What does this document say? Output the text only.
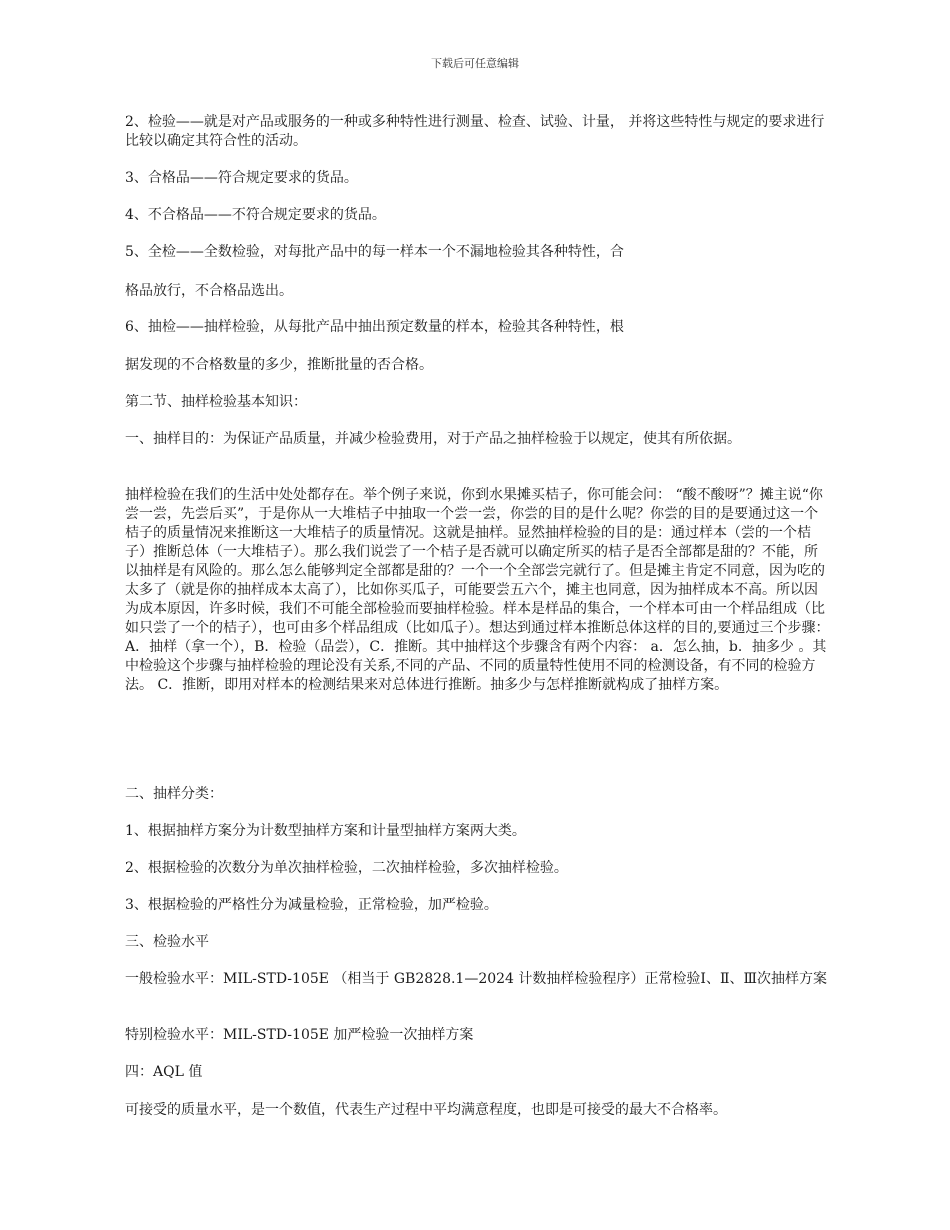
下载后可任意编辑

2、检验——就是对产品或服务的一种或多种特性进行测量、检查、试验、计量， 并将这些特性与规定的要求进行比较以确定其符合性的活动。

3、合格品——符合规定要求的货品。

4、不合格品——不符合规定要求的货品。

5、全检——全数检验，对每批产品中的每一样本一个不漏地检验其各种特性，合

格品放行，不合格品选出。

6、抽检——抽样检验，从每批产品中抽出预定数量的样本，检验其各种特性，根

据发现的不合格数量的多少，推断批量的否合格。

第二节、抽样检验基本知识：

一、抽样目的：为保证产品质量，并减少检验费用，对于产品之抽样检验于以规定，使其有所依据。

抽样检验在我们的生活中处处都存在。举个例子来说，你到水果摊买桔子，你可能会问： “酸不酸呀”？摊主说“你尝一尝，先尝后买”，于是你从一大堆桔子中抽取一个尝一尝，你尝的目的是什么呢？你尝的目的是要通过这一个桔子的质量情况来推断这一大堆桔子的质量情况。这就是抽样。显然抽样检验的目的是：通过样本（尝的一个桔子）推断总体（一大堆桔子）。那么我们说尝了一个桔子是否就可以确定所买的桔子是否全部都是甜的？不能，所以抽样是有风险的。那么怎么能够判定全部都是甜的？一个一个全部尝完就行了。但是摊主肯定不同意，因为吃的太多了（就是你的抽样成本太高了），比如你买瓜子，可能要尝五六个，摊主也同意，因为抽样成本不高。所以因为成本原因，许多时候，我们不可能全部检验而要抽样检验。样本是样品的集合，一个样本可由一个样品组成（比如只尝了一个的桔子），也可由多个样品组成（比如瓜子）。想达到通过样本推断总体这样的目的,要通过三个步骤： A．抽样（拿一个），B．检验（品尝），C．推断。其中抽样这个步骤含有两个内容： a．怎么抽，b．抽多少 。其中检验这个步骤与抽样检验的理论没有关系,不同的产品、不同的质量特性使用不同的检测设备，有不同的检验方法。 C．推断，即用对样本的检测结果来对总体进行推断。抽多少与怎样推断就构成了抽样方案。

二、抽样分类：

1、根据抽样方案分为计数型抽样方案和计量型抽样方案两大类。

2、根据检验的次数分为单次抽样检验，二次抽样检验，多次抽样检验。

3、根据检验的严格性分为减量检验，正常检验，加严检验。

三、检验水平

一般检验水平：MIL-STD-105E （相当于 GB2828.1—2024 计数抽样检验程序）正常检验Ⅰ、Ⅱ、Ⅲ次抽样方案

特别检验水平：MIL-STD-105E 加严检验一次抽样方案

四：AQL 值

可接受的质量水平，是一个数值，代表生产过程中平均满意程度，也即是可接受的最大不合格率。
